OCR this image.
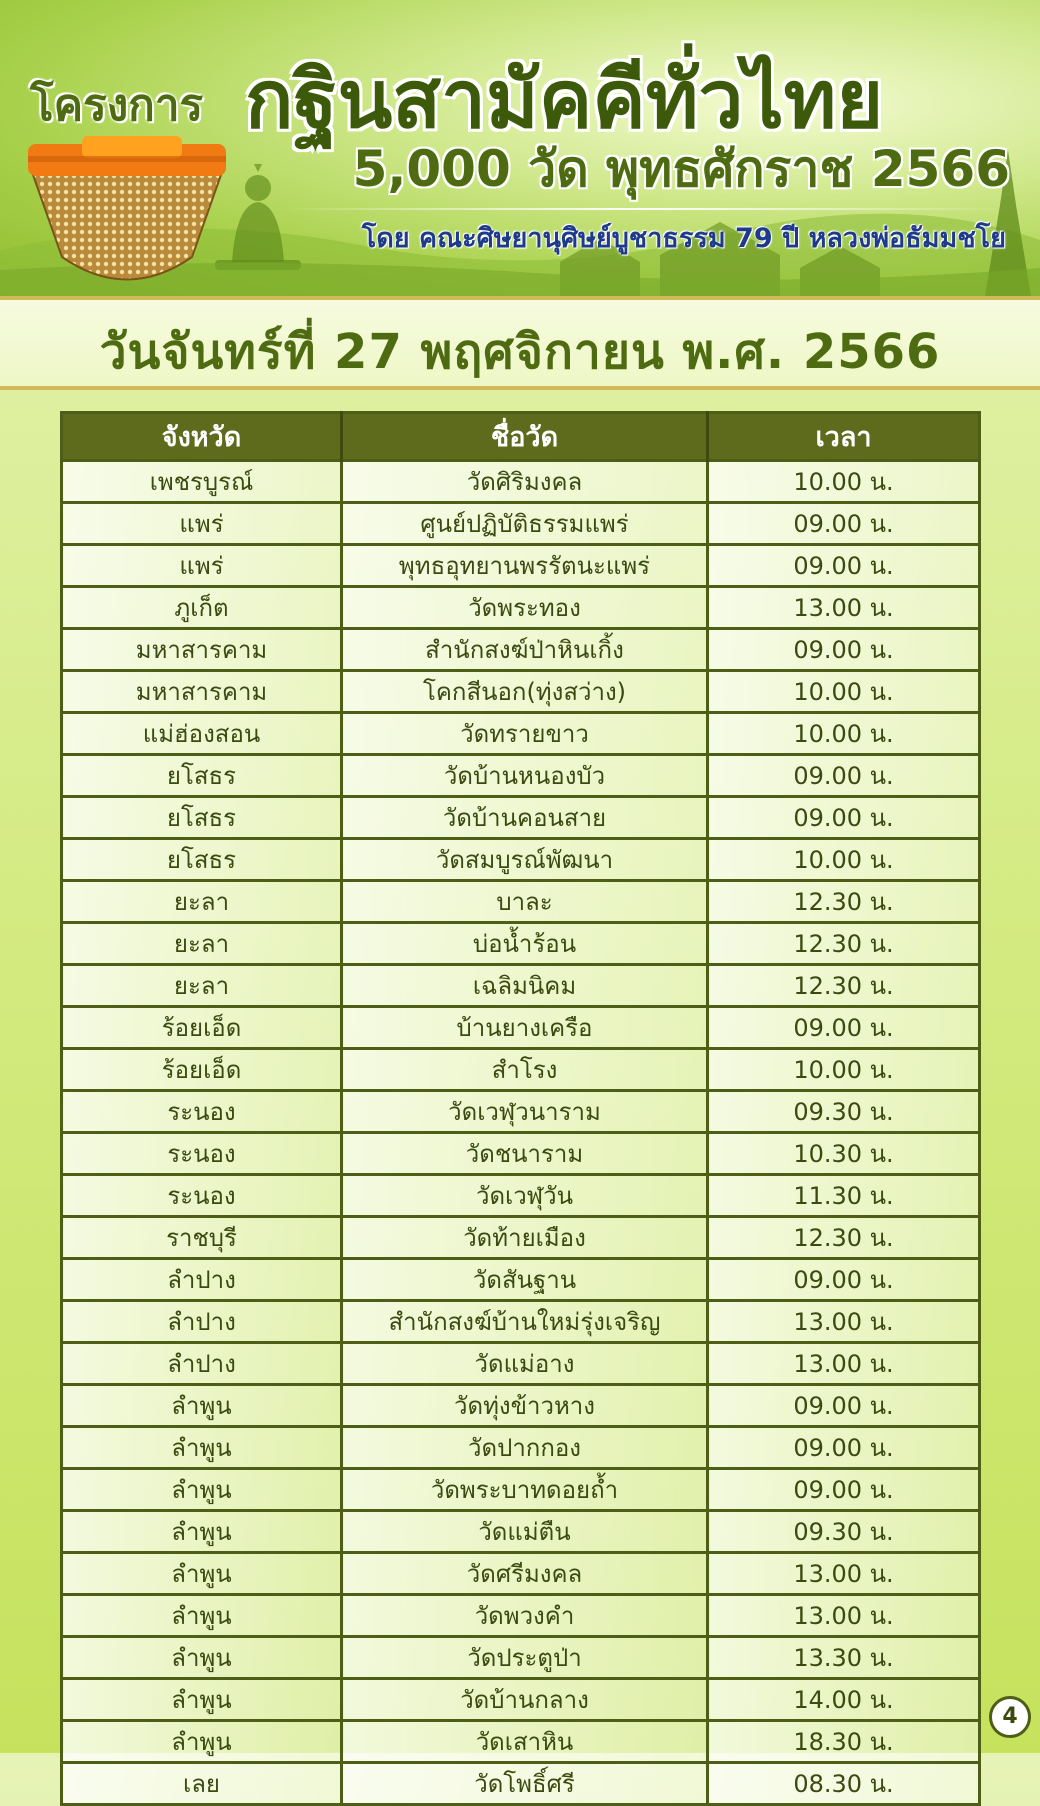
โครงการ กฐินสามัคคีทั่วไทย
5,000 วัด พุทธศักราช 2566
โดย คณะศิษยานุศิษย์บูชาธรรม 79 ปี หลวงพ่อธัมมชโย
วันจันทร์ที่ 27 พฤศจิกายน พ.ศ. 2566
จังหวัด	ชื่อวัด	เวลา
เพชรบูรณ์	วัดศิริมงคล	10.00 น.
แพร่	ศูนย์ปฏิบัติธรรมแพร่	09.00 น.
แพร่	พุทธอุทยานพรรัตนะแพร่	09.00 น.
ภูเก็ต	วัดพระทอง	13.00 น.
มหาสารคาม	สำนักสงฆ์ป่าหินเกิ้ง	09.00 น.
มหาสารคาม	โคกสีนอก(ทุ่งสว่าง)	10.00 น.
แม่ฮ่องสอน	วัดทรายขาว	10.00 น.
ยโสธร	วัดบ้านหนองบัว	09.00 น.
ยโสธร	วัดบ้านคอนสาย	09.00 น.
ยโสธร	วัดสมบูรณ์พัฒนา	10.00 น.
ยะลา	บาละ	12.30 น.
ยะลา	บ่อน้ำร้อน	12.30 น.
ยะลา	เฉลิมนิคม	12.30 น.
ร้อยเอ็ด	บ้านยางเครือ	09.00 น.
ร้อยเอ็ด	สำโรง	10.00 น.
ระนอง	วัดเวฬุวนาราม	09.30 น.
ระนอง	วัดชนาราม	10.30 น.
ระนอง	วัดเวฬุวัน	11.30 น.
ราชบุรี	วัดท้ายเมือง	12.30 น.
ลำปาง	วัดสันฐาน	09.00 น.
ลำปาง	สำนักสงฆ์บ้านใหม่รุ่งเจริญ	13.00 น.
ลำปาง	วัดแม่อาง	13.00 น.
ลำพูน	วัดทุ่งข้าวหาง	09.00 น.
ลำพูน	วัดปากกอง	09.00 น.
ลำพูน	วัดพระบาทดอยถ้ำ	09.00 น.
ลำพูน	วัดแม่ตืน	09.30 น.
ลำพูน	วัดศรีมงคล	13.00 น.
ลำพูน	วัดพวงคำ	13.00 น.
ลำพูน	วัดประตูป่า	13.30 น.
ลำพูน	วัดบ้านกลาง	14.00 น.
ลำพูน	วัดเสาหิน	18.30 น.
เลย	วัดโพธิ์ศรี	08.30 น.
4
